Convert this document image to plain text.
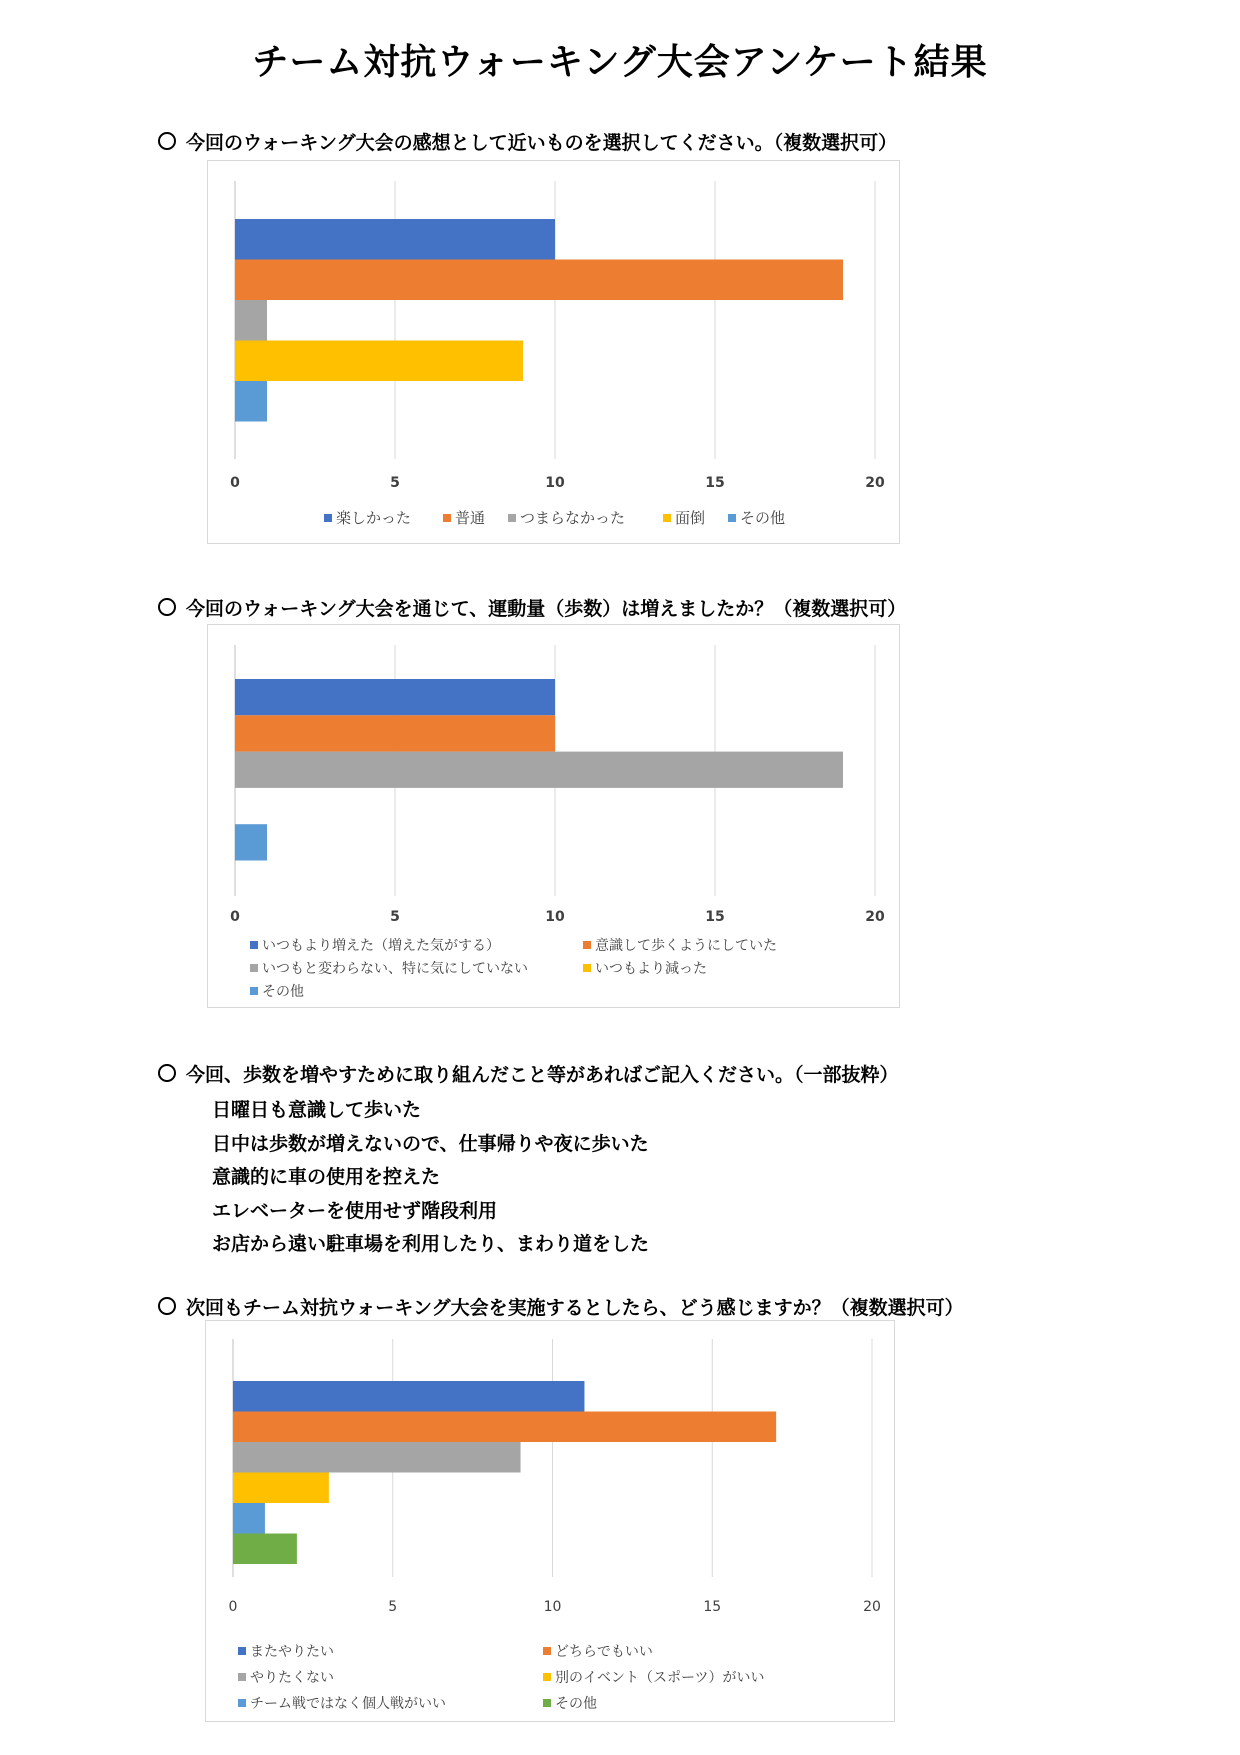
チーム対抗ウォーキング大会アンケート結果
今回のウォーキング大会の感想として近いものを選択してください。（複数選択可）
0	5	10	15	20
楽しかった	普通	つまらなかった	面倒	その他
今回のウォーキング大会を通じて、運動量（歩数）は増えましたか？（複数選択可）
0	5	10	15	20
いつもより増えた（増えた気がする）	意識して歩くようにしていた
いつもと変わらない、特に気にしていない	いつもより減った
その他
今回、歩数を増やすために取り組んだこと等があればご記入ください。（一部抜粋）
日曜日も意識して歩いた
日中は歩数が増えないので、仕事帰りや夜に歩いた
意識的に車の使用を控えた
エレベーターを使用せず階段利用
お店から遠い駐車場を利用したり、まわり道をした
次回もチーム対抗ウォーキング大会を実施するとしたら、どう感じますか？（複数選択可）
0	5	10	15	20
またやりたい	どちらでもいい
やりたくない	別のイベント（スポーツ）がいい
チーム戦ではなく個人戦がいい	その他
